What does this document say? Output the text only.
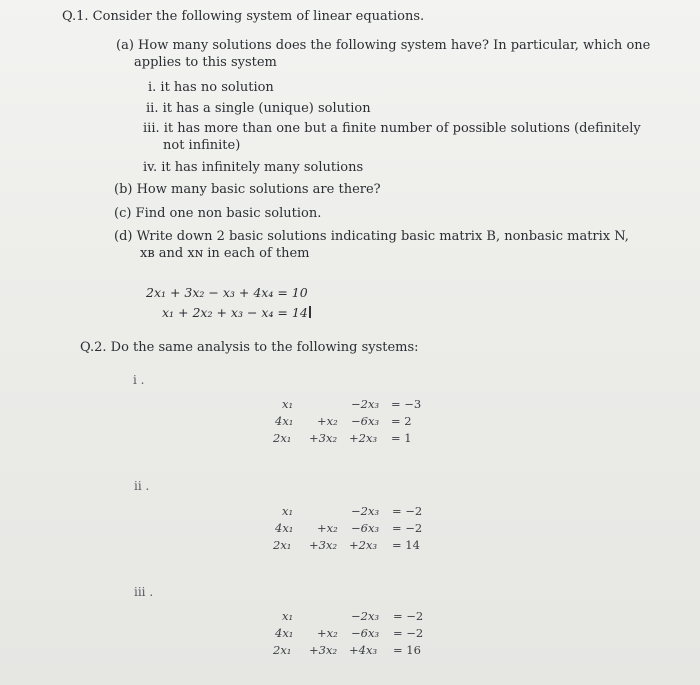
Q.1. Consider the following system of linear equations.
(a) How many solutions does the following system have? In particular, which one
applies to this system
i. it has no solution
ii. it has a single (unique) solution
iii. it has more than one but a finite number of possible solutions (definitely
not infinite)
iv. it has infinitely many solutions
(b) How many basic solutions are there?
(c) Find one non basic solution.
(d) Write down 2 basic solutions indicating basic matrix B, nonbasic matrix N,
xʙ and xɴ in each of them
2x₁ + 3x₂ − x₃ + 4x₄ = 10
x₁ + 2x₂ + x₃ − x₄ = 14
Q.2. Do the same analysis to the following systems:
i .
x₁	−2x₃ = −3
4x₁ +x₂ −6x₃ = 2
2x₁ +3x₂ +2x₃ = 1
ii .
x₁	−2x₃ = −2
4x₁ +x₂ −6x₃ = −2
2x₁ +3x₂ +2x₃ = 14
iii .
x₁	−2x₃ = −2
4x₁ +x₂ −6x₃ = −2
2x₁ +3x₂ +4x₃ = 16
